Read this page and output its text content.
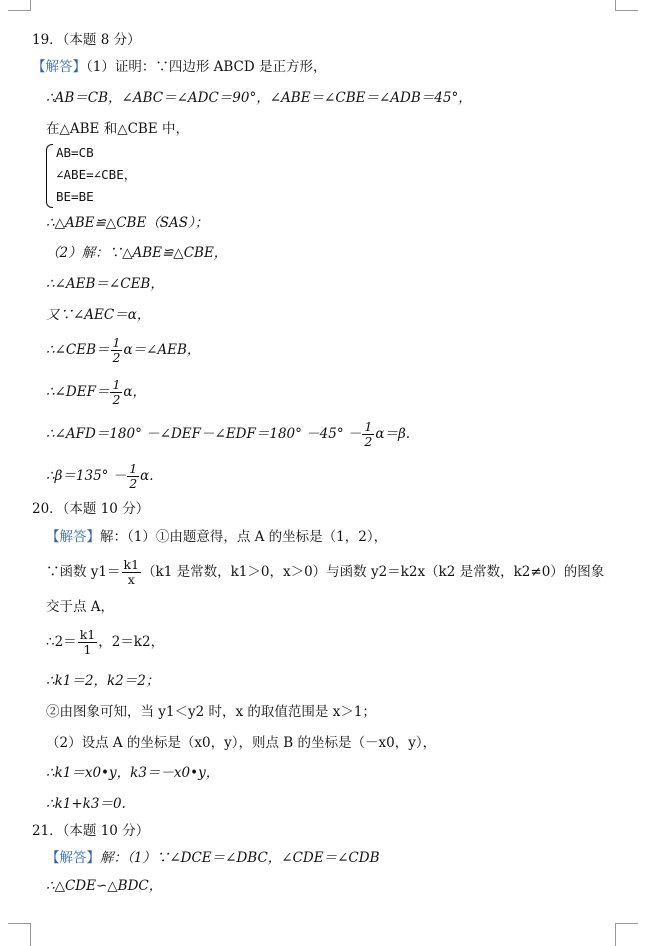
19．（本题 8 分）
【解答】（1）证明：∵四边形 ABCD 是正方形，
∴AB＝CB，∠ABC＝∠ADC＝90°，∠ABE＝∠CBE＝∠ADB＝45°，
在△ABE 和△CBE 中，
AB=CB
∠ABE=∠CBE，
BE=BE
∴△ABE≌△CBE（SAS）；
（2）解：∵△ABE≌△CBE，
∴∠AEB＝∠CEB，
又∵∠AEC＝α，
∴∠CEB＝ $\frac{1}{2}$ α＝∠AEB，
∴∠DEF＝ $\frac{1}{2}$ α，
∴∠AFD＝180° －∠DEF－∠EDF＝180° $-45^\circ - \frac{1}{2} \alpha=\beta$.
∴β＝135° － $\frac{1}{2} \alpha$.
20．（本题 10 分）
【解答】解：（1）①由题意得，点 A 的坐标是（1，2），
∵函数 $y1= \frac{k1}{x} (k1$ 是常数，k1＞0，x＞0）与函数 y2＝k2x（k2 是常数，k2≠0）的图象
交于点 A，
∴2＝ $\frac{k1}{1}$ ，2＝k2，
∴k1＝2，k2＝2；
②由图象可知，当 y1＜y2 时，x 的取值范围是 x＞1；
（2）设点 A 的坐标是（x0，y），则点 B 的坐标是（－x0，y），
∴k1＝x0•y，k3＝－x0•y，
∴k1+k3＝0.
21．（本题 10 分）
【解答】解：（1）∵∠DCE＝∠DBC，∠CDE＝∠CDB
∴△CDE∽△BDC，
